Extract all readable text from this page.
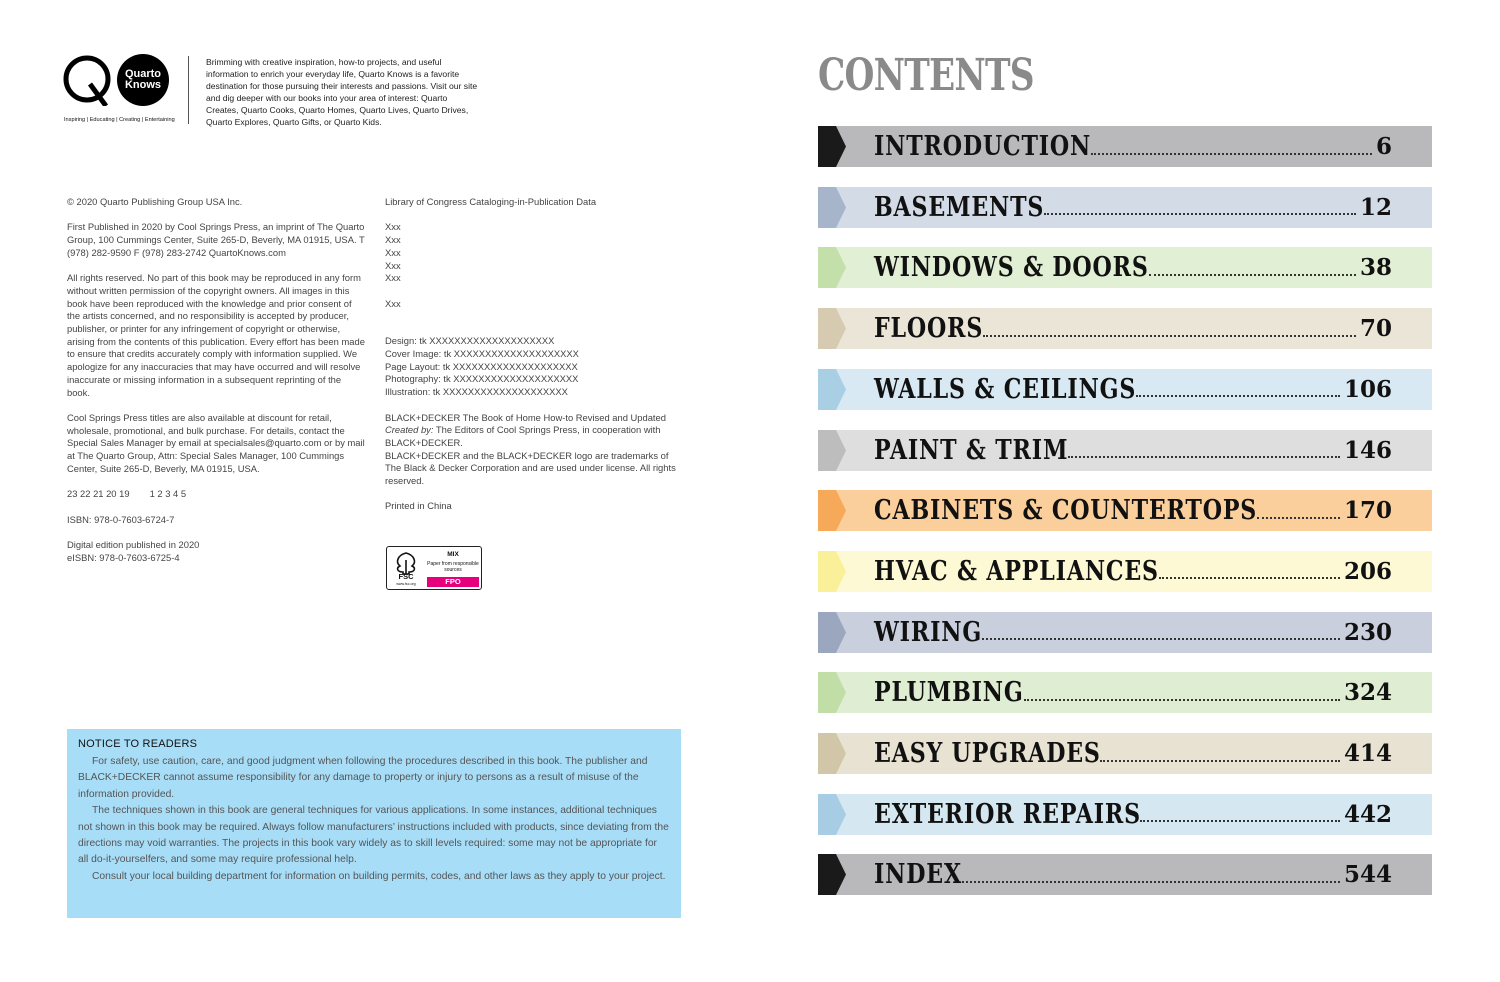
Quarto
Knows
Inspiring | Educating | Creating | Entertaining
Brimming with creative inspiration, how-to projects, and useful information to enrich your everyday life, Quarto Knows is a favorite destination for those pursuing their interests and passions. Visit our site and dig deeper with our books into your area of interest: Quarto Creates, Quarto Cooks, Quarto Homes, Quarto Lives, Quarto Drives, Quarto Explores, Quarto Gifts, or Quarto Kids.

© 2020 Quarto Publishing Group USA Inc.

First Published in 2020 by Cool Springs Press, an imprint of The Quarto Group, 100 Cummings Center, Suite 265-D, Beverly, MA 01915, USA. T (978) 282-9590 F (978) 283-2742 QuartoKnows.com

All rights reserved. No part of this book may be reproduced in any form without written permission of the copyright owners. All images in this book have been reproduced with the knowledge and prior consent of the artists concerned, and no responsibility is accepted by producer, publisher, or printer for any infringement of copyright or otherwise, arising from the contents of this publication. Every effort has been made to ensure that credits accurately comply with information supplied. We apologize for any inaccuracies that may have occurred and will resolve inaccurate or missing information in a subsequent reprinting of the book.

Cool Springs Press titles are also available at discount for retail, wholesale, promotional, and bulk purchase. For details, contact the Special Sales Manager by email at specialsales@quarto.com or by mail at The Quarto Group, Attn: Special Sales Manager, 100 Cummings Center, Suite 265-D, Beverly, MA 01915, USA.

23 22 21 20 19 1 2 3 4 5

ISBN: 978-0-7603-6724-7

Digital edition published in 2020

eISBN: 978-0-7603-6725-4

Library of Congress Cataloging-in-Publication Data

Xxx
Xxx
Xxx
Xxx
Xxx

Xxx

Design: tk XXXXXXXXXXXXXXXXXXXX
Cover Image: tk XXXXXXXXXXXXXXXXXXXX
Page Layout: tk XXXXXXXXXXXXXXXXXXXX
Photography: tk XXXXXXXXXXXXXXXXXXXX
Illustration: tk XXXXXXXXXXXXXXXXXXXX

BLACK+DECKER The Book of Home How-to Revised and Updated

Created by: The Editors of Cool Springs Press, in cooperation with BLACK+DECKER.

BLACK+DECKER and the BLACK+DECKER logo are trademarks of The Black & Decker Corporation and are used under license. All rights reserved.

Printed in China

FSC
www.fsc.org
MIX
Paper from responsible sources
FPO
NOTICE TO READERS

For safety, use caution, care, and good judgment when following the procedures described in this book. The publisher and BLACK+DECKER cannot assume responsibility for any damage to property or injury to persons as a result of misuse of the information provided.

The techniques shown in this book are general techniques for various applications. In some instances, additional techniques not shown in this book may be required. Always follow manufacturers’ instructions included with products, since deviating from the directions may void warranties. The projects in this book vary widely as to skill levels required: some may not be appropriate for all do-it-yourselfers, and some may require professional help.

Consult your local building department for information on building permits, codes, and other laws as they apply to your project.

CONTENTS
INTRODUCTION	6
BASEMENTS	12
WINDOWS & DOORS	38
FLOORS	70
WALLS & CEILINGS	106
PAINT & TRIM	146
CABINETS & COUNTERTOPS	170
HVAC & APPLIANCES	206
WIRING	230
PLUMBING	324
EASY UPGRADES	414
EXTERIOR REPAIRS	442
INDEX	544
